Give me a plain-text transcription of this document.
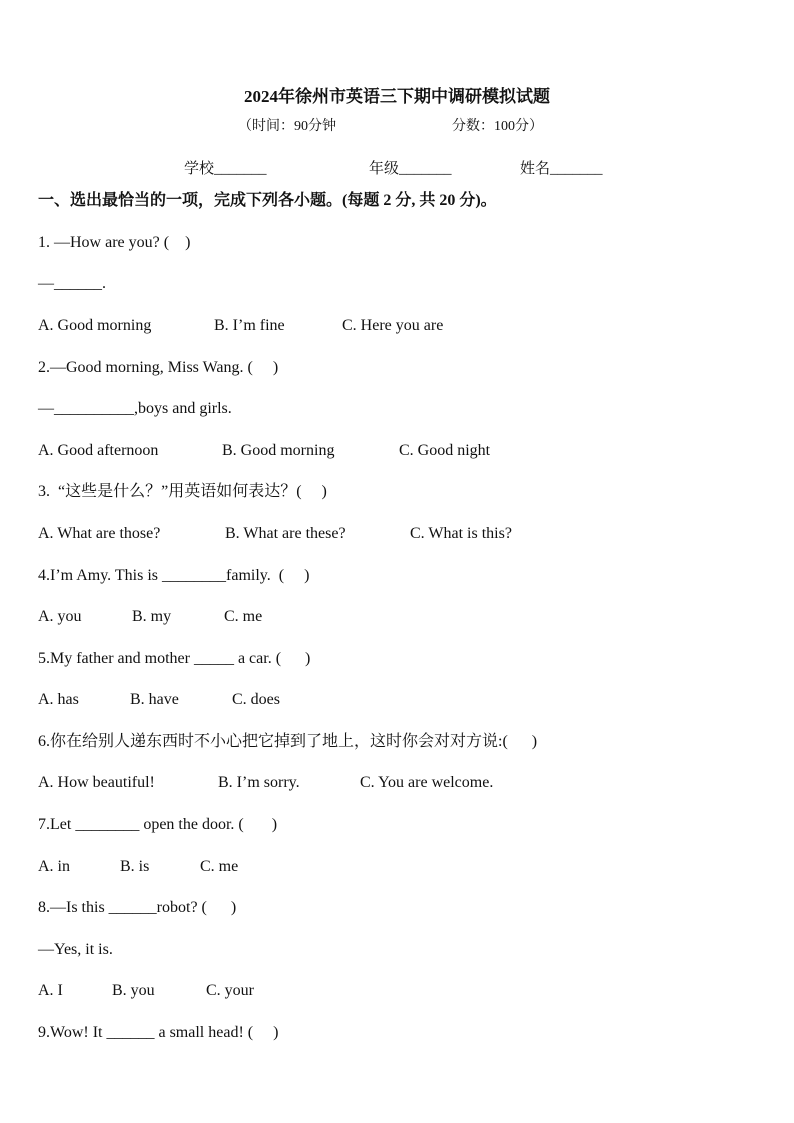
2024年徐州市英语三下期中调研模拟试题
（时间：90分钟	分数：100分）
学校_______	年级_______	姓名_______
一、选出最恰当的一项，完成下列各小题。(每题 2 分, 共 20 分)。
1. —How are you? (    )
—______.
A. Good morning	B. I’m fine	C. Here you are
2.—Good morning, Miss Wang. (     )
—__________,boys and girls.
A. Good afternoon	B. Good morning	C. Good night
3.  “这些是什么？”用英语如何表达？(     )
A. What are those?	B. What are these?	C. What is this?
4.I’m Amy. This is ________family.  (     )
A. you	B. my	C. me
5.My father and mother _____ a car. (      )
A. has	B. have	C. does
6.你在给别人递东西时不小心把它掉到了地上，这时你会对对方说:(      )
A. How beautiful!	B. I’m sorry.	C. You are welcome.
7.Let ________ open the door. (       )
A. in	B. is	C. me
8.—Is this ______robot? (      )
—Yes, it is.
A. I	B. you	C. your
9.Wow! It ______ a small head! (     )
